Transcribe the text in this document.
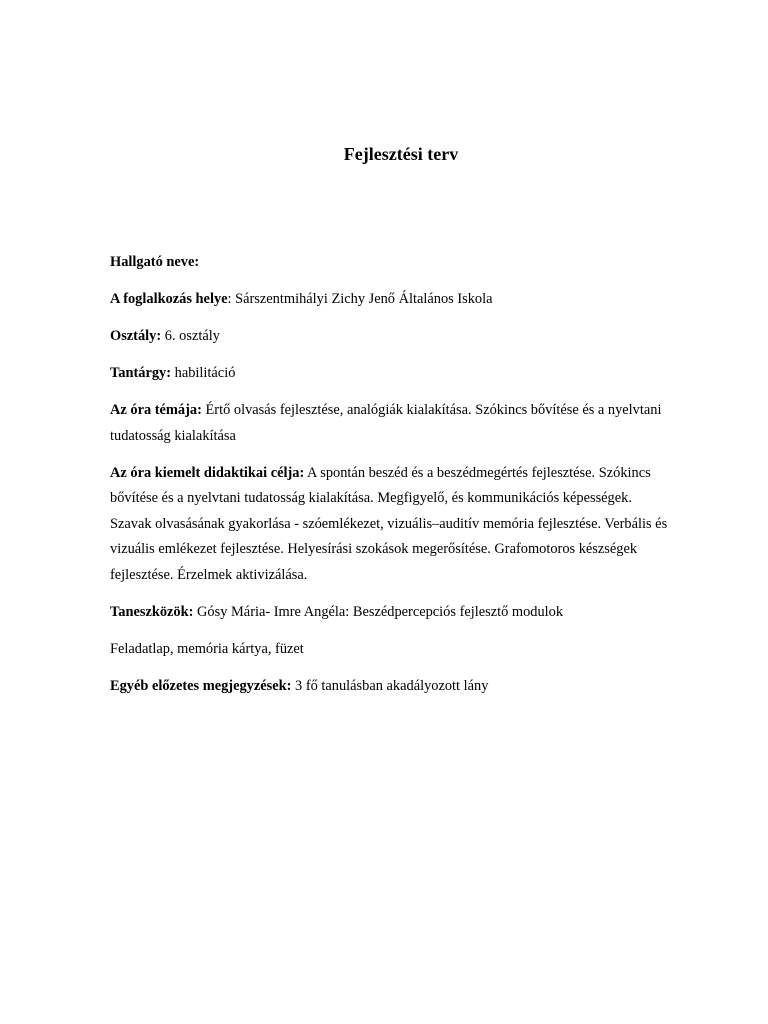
Fejlesztési terv

Hallgató neve:

A foglalkozás helye: Sárszentmihályi Zichy Jenő Általános Iskola

Osztály: 6. osztály

Tantárgy: habilitáció

Az óra témája: Értő olvasás fejlesztése, analógiák kialakítása. Szókincs bővítése és a nyelvtani tudatosság kialakítása

Az óra kiemelt didaktikai célja: A spontán beszéd és a beszédmegértés fejlesztése. Szókincs bővítése és a nyelvtani tudatosság kialakítása. Megfigyelő, és kommunikációs képességek. Szavak olvasásának gyakorlása - szóemlékezet, vizuális–auditív memória fejlesztése. Verbális és vizuális emlékezet fejlesztése. Helyesírási szokások megerősítése. Grafomotoros készségek fejlesztése. Érzelmek aktivizálása.

Taneszközök: Gósy Mária- Imre Angéla: Beszédpercepciós fejlesztő modulok

Feladatlap, memória kártya, füzet

Egyéb előzetes megjegyzések: 3 fő tanulásban akadályozott lány
